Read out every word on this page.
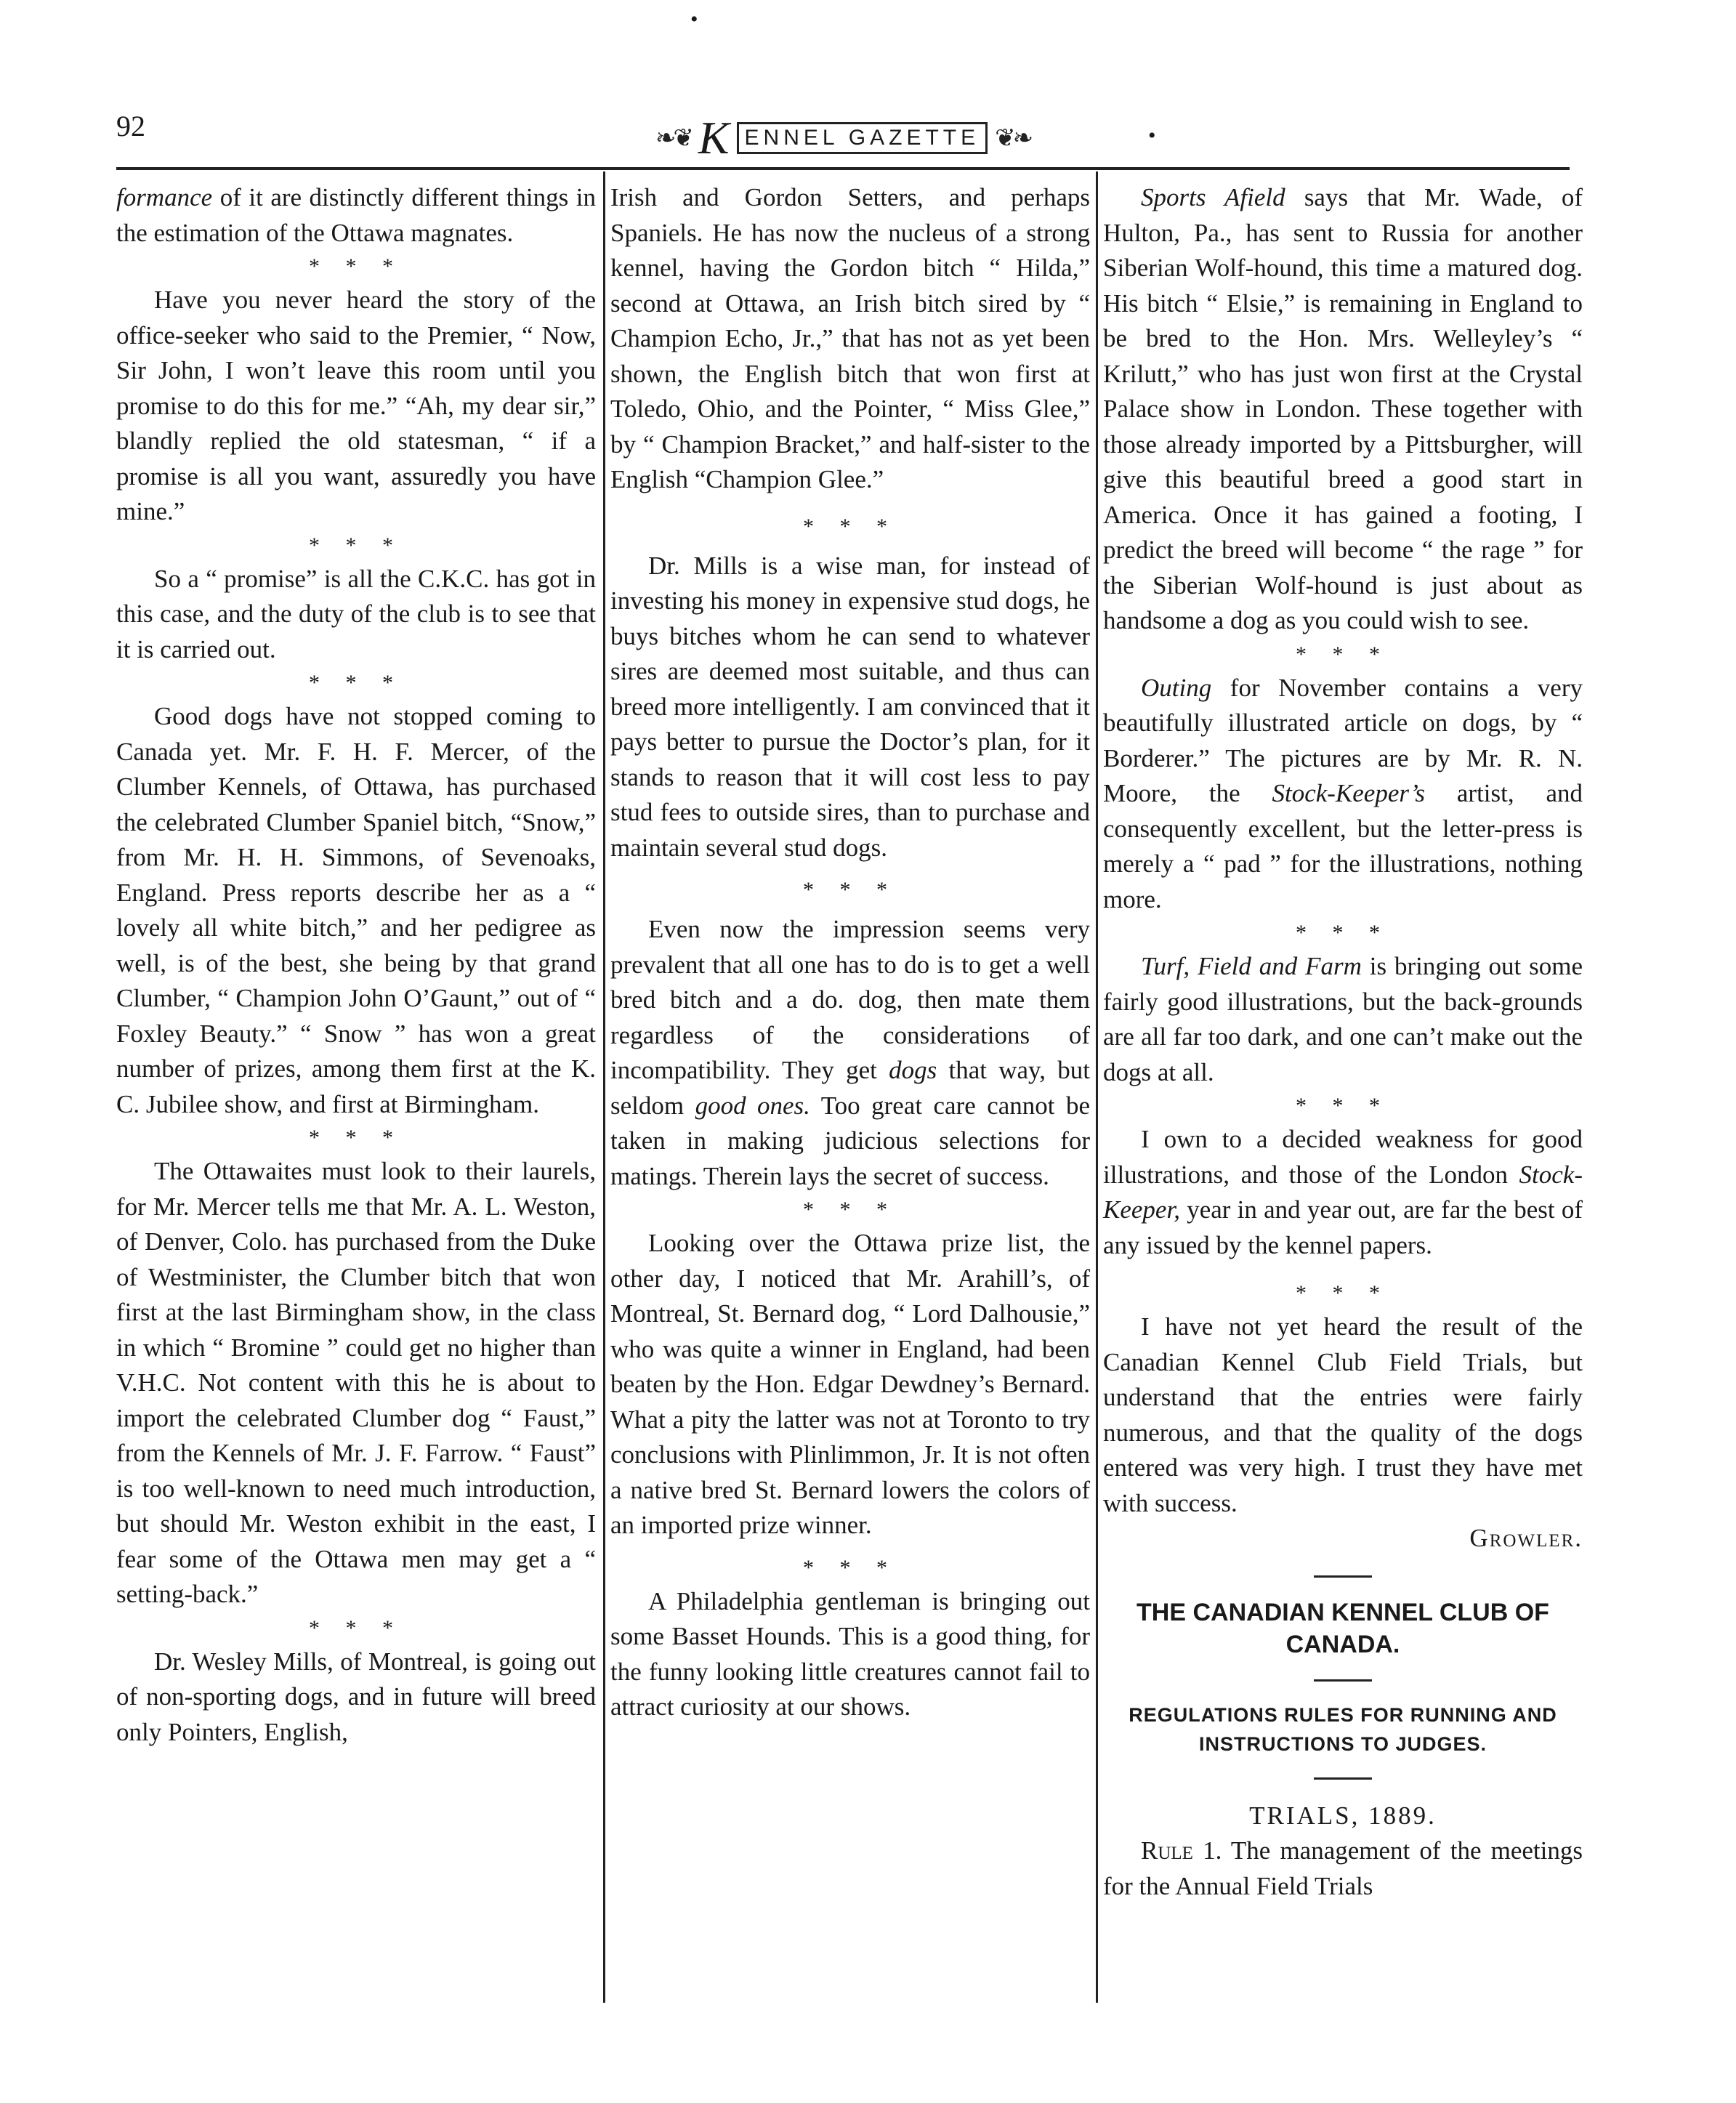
92	❧❦ K ENNEL GAZETTE ❦❧
•
•

formance of it are distinctly different things in the estimation of the Ottawa magnates.

* * *

Have you never heard the story of the office-seeker who said to the Premier, “ Now, Sir John, I won’t leave this room until you promise to do this for me.” “Ah, my dear sir,” blandly replied the old statesman, “ if a promise is all you want, assuredly you have mine.”

* * *

So a “ promise” is all the C.K.C. has got in this case, and the duty of the club is to see that it is carried out.

* * *

Good dogs have not stopped coming to Canada yet. Mr. F. H. F. Mercer, of the Clumber Kennels, of Ottawa, has purchased the celebrated Clumber Spaniel bitch, “Snow,” from Mr. H. H. Simmons, of Sevenoaks, England. Press reports describe her as a “ lovely all white bitch,” and her pedigree as well, is of the best, she being by that grand Clumber, “ Champion John O’Gaunt,” out of “ Foxley Beauty.” “ Snow ” has won a great number of prizes, among them first at the K. C. Jubilee show, and first at Birmingham.

* * *

The Ottawaites must look to their laurels, for Mr. Mercer tells me that Mr. A. L. Weston, of Denver, Colo. has purchased from the Duke of Westminister, the Clumber bitch that won first at the last Birmingham show, in the class in which “ Bromine ” could get no higher than V.H.C. Not content with this he is about to import the celebrated Clumber dog “ Faust,” from the Kennels of Mr. J. F. Farrow. “ Faust” is too well-known to need much introduction, but should Mr. Weston exhibit in the east, I fear some of the Ottawa men may get a “ setting-back.”

* * *

Dr. Wesley Mills, of Montreal, is going out of non-sporting dogs, and in future will breed only Pointers, English,

Irish and Gordon Setters, and perhaps Spaniels. He has now the nucleus of a strong kennel, having the Gordon bitch “ Hilda,” second at Ottawa, an Irish bitch sired by “ Champion Echo, Jr.,” that has not as yet been shown, the English bitch that won first at Toledo, Ohio, and the Pointer, “ Miss Glee,” by “ Champion Bracket,” and half-sister to the English “Champion Glee.”

* * *

Dr. Mills is a wise man, for instead of investing his money in expensive stud dogs, he buys bitches whom he can send to whatever sires are deemed most suitable, and thus can breed more intelligently. I am convinced that it pays better to pursue the Doctor’s plan, for it stands to reason that it will cost less to pay stud fees to outside sires, than to purchase and maintain several stud dogs.

* * *

Even now the impression seems very prevalent that all one has to do is to get a well bred bitch and a do. dog, then mate them regardless of the considerations of incompatibility. They get dogs that way, but seldom good ones. Too great care cannot be taken in making judicious selections for matings. Therein lays the secret of success.

* * *

Looking over the Ottawa prize list, the other day, I noticed that Mr. Arahill’s, of Montreal, St. Bernard dog, “ Lord Dalhousie,” who was quite a winner in England, had been beaten by the Hon. Edgar Dewdney’s Bernard. What a pity the latter was not at Toronto to try conclusions with Plinlimmon, Jr. It is not often a native bred St. Bernard lowers the colors of an imported prize winner.

* * *

A Philadelphia gentleman is bringing out some Basset Hounds. This is a good thing, for the funny looking little creatures cannot fail to attract curiosity at our shows.

Sports Afield says that Mr. Wade, of Hulton, Pa., has sent to Russia for another Siberian Wolf-hound, this time a matured dog. His bitch “ Elsie,” is remaining in England to be bred to the Hon. Mrs. Welleyley’s “ Krilutt,” who has just won first at the Crystal Palace show in London. These together with those already imported by a Pittsburgher, will give this beautiful breed a good start in America. Once it has gained a footing, I predict the breed will become “ the rage ” for the Siberian Wolf-hound is just about as handsome a dog as you could wish to see.

* * *

Outing for November contains a very beautifully illustrated article on dogs, by “ Borderer.” The pictures are by Mr. R. N. Moore, the Stock-Keeper’s artist, and consequently excellent, but the letter-press is merely a “ pad ” for the illustrations, nothing more.

* * *

Turf, Field and Farm is bringing out some fairly good illustrations, but the back-grounds are all far too dark, and one can’t make out the dogs at all.

* * *

I own to a decided weakness for good illustrations, and those of the London Stock-Keeper, year in and year out, are far the best of any issued by the kennel papers.

* * *

I have not yet heard the result of the Canadian Kennel Club Field Trials, but understand that the entries were fairly numerous, and that the quality of the dogs entered was very high. I trust they have met with success.

Growler.

THE CANADIAN KENNEL CLUB OF CANADA.
REGULATIONS RULES FOR RUNNING AND INSTRUCTIONS TO JUDGES.
TRIALS, 1889.

Rule 1. The management of the meetings for the Annual Field Trials
